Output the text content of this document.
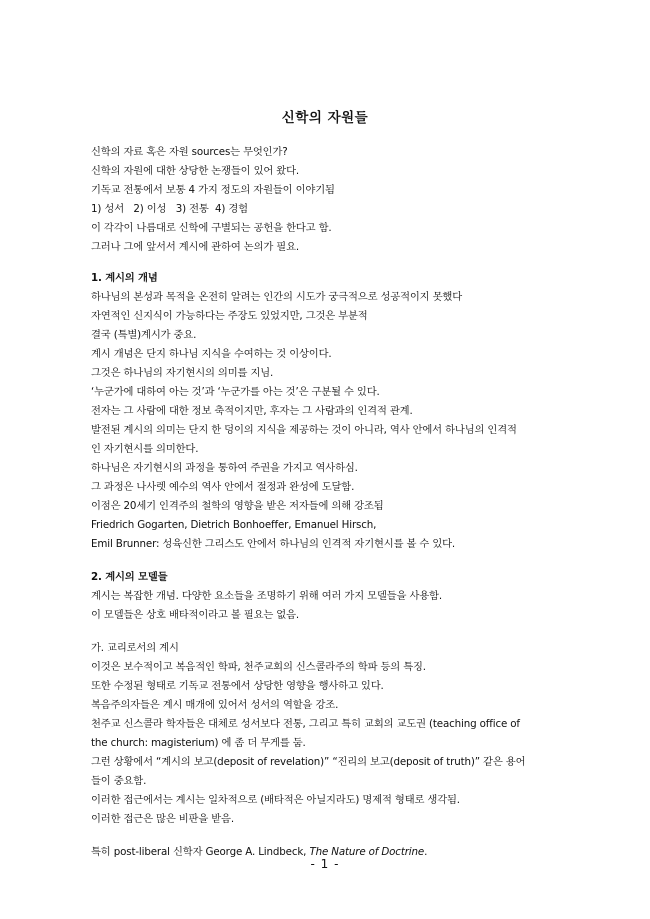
신학의 자원들
신학의 자료 혹은 자원 sources는 무엇인가?
신학의 자원에 대한 상당한 논쟁들이 있어 왔다.
기독교 전통에서 보통 4 가지 정도의 자원들이 이야기됨
1) 성서   2) 이성   3) 전통  4) 경험
이 각각이 나름대로 신학에 구별되는 공헌을 한다고 함.
그러나 그에 앞서서 계시에 관하여 논의가 필요.
1. 계시의 개념
하나님의 본성과 목적을 온전히 알려는 인간의 시도가 궁극적으로 성공적이지 못했다
자연적인 신지식이 가능하다는 주장도 있었지만, 그것은 부분적
결국 (특별)계시가 중요.
계시 개념은 단지 하나님 지식을 수여하는 것 이상이다.
그것은 하나님의 자기현시의 의미를 지님.
‘누군가에 대하여 아는 것’과 ‘누군가를 아는 것’은 구분될 수 있다.
전자는 그 사람에 대한 정보 축적이지만, 후자는 그 사람과의 인격적 관계.
발전된 계시의 의미는 단지 한 덩이의 지식을 제공하는 것이 아니라, 역사 안에서 하나님의 인격적
인 자기현시를 의미한다.
하나님은 자기현시의 과정을 통하여 주권을 가지고 역사하심.
그 과정은 나사렛 예수의 역사 안에서 절정과 완성에 도달함.
이점은 20세기 인격주의 철학의 영향을 받은 저자들에 의해 강조됨
Friedrich Gogarten, Dietrich Bonhoeffer, Emanuel Hirsch,
Emil Brunner: 성육신한 그리스도 안에서 하나님의 인격적 자기현시를 볼 수 있다.
2. 계시의 모델들
계시는 복잡한 개념. 다양한 요소들을 조명하기 위해 여러 가지 모델들을 사용함.
이 모델들은 상호 배타적이라고 볼 필요는 없음.
가. 교리로서의 계시
이것은 보수적이고 복음적인 학파, 천주교회의 신스콜라주의 학파 등의 특징.
또한 수정된 형태로 기독교 전통에서 상당한 영향을 행사하고 있다.
복음주의자들은 계시 매개에 있어서 성서의 역할을 강조.
천주교 신스콜라 학자들은 대체로 성서보다 전통, 그리고 특히 교회의 교도권 (teaching office of
the church: magisterium) 에 좀 더 무게를 둠.
그런 상황에서 “계시의 보고(deposit of revelation)” “진리의 보고(deposit of truth)” 같은 용어
들이 중요함.
이러한 접근에서는 계시는 일차적으로 (배타적은 아닐지라도) 명제적 형태로 생각됨.
이러한 접근은 많은 비판을 받음.
특히 post-liberal 신학자 George A. Lindbeck, The Nature of Doctrine.
- 1 -
